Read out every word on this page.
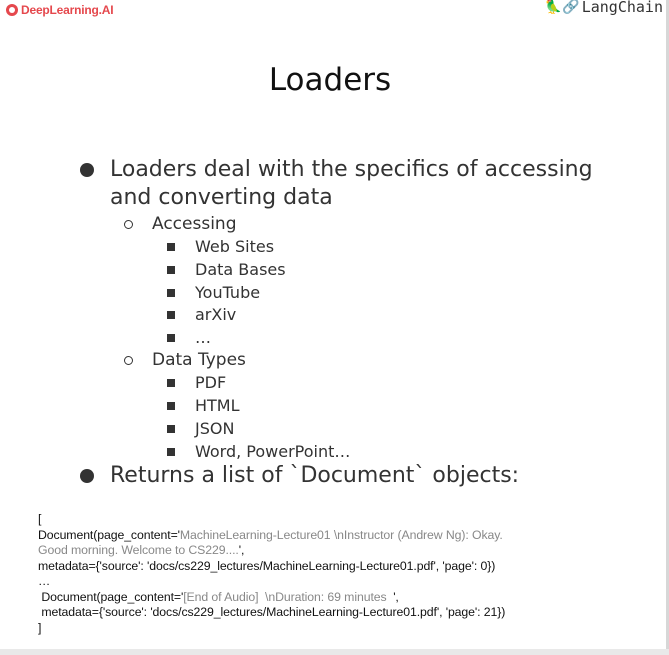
DeepLearning.AI	🦜🔗 LangChain
Loaders
Loaders deal with the specifics of accessing and converting data
Accessing
Web Sites
Data Bases
YouTube
arXiv
…
Data Types
PDF
HTML
JSON
Word, PowerPoint…
Returns a list of `Document` objects:
[
Document(page_content='MachineLearning-Lecture01 \nInstructor (Andrew Ng): Okay.
Good morning. Welcome to CS229....',
metadata={'source': 'docs/cs229_lectures/MachineLearning-Lecture01.pdf', 'page': 0})
…
Document(page_content='[End of Audio]  \nDuration: 69 minutes  ',
metadata={'source': 'docs/cs229_lectures/MachineLearning-Lecture01.pdf', 'page': 21})
]
